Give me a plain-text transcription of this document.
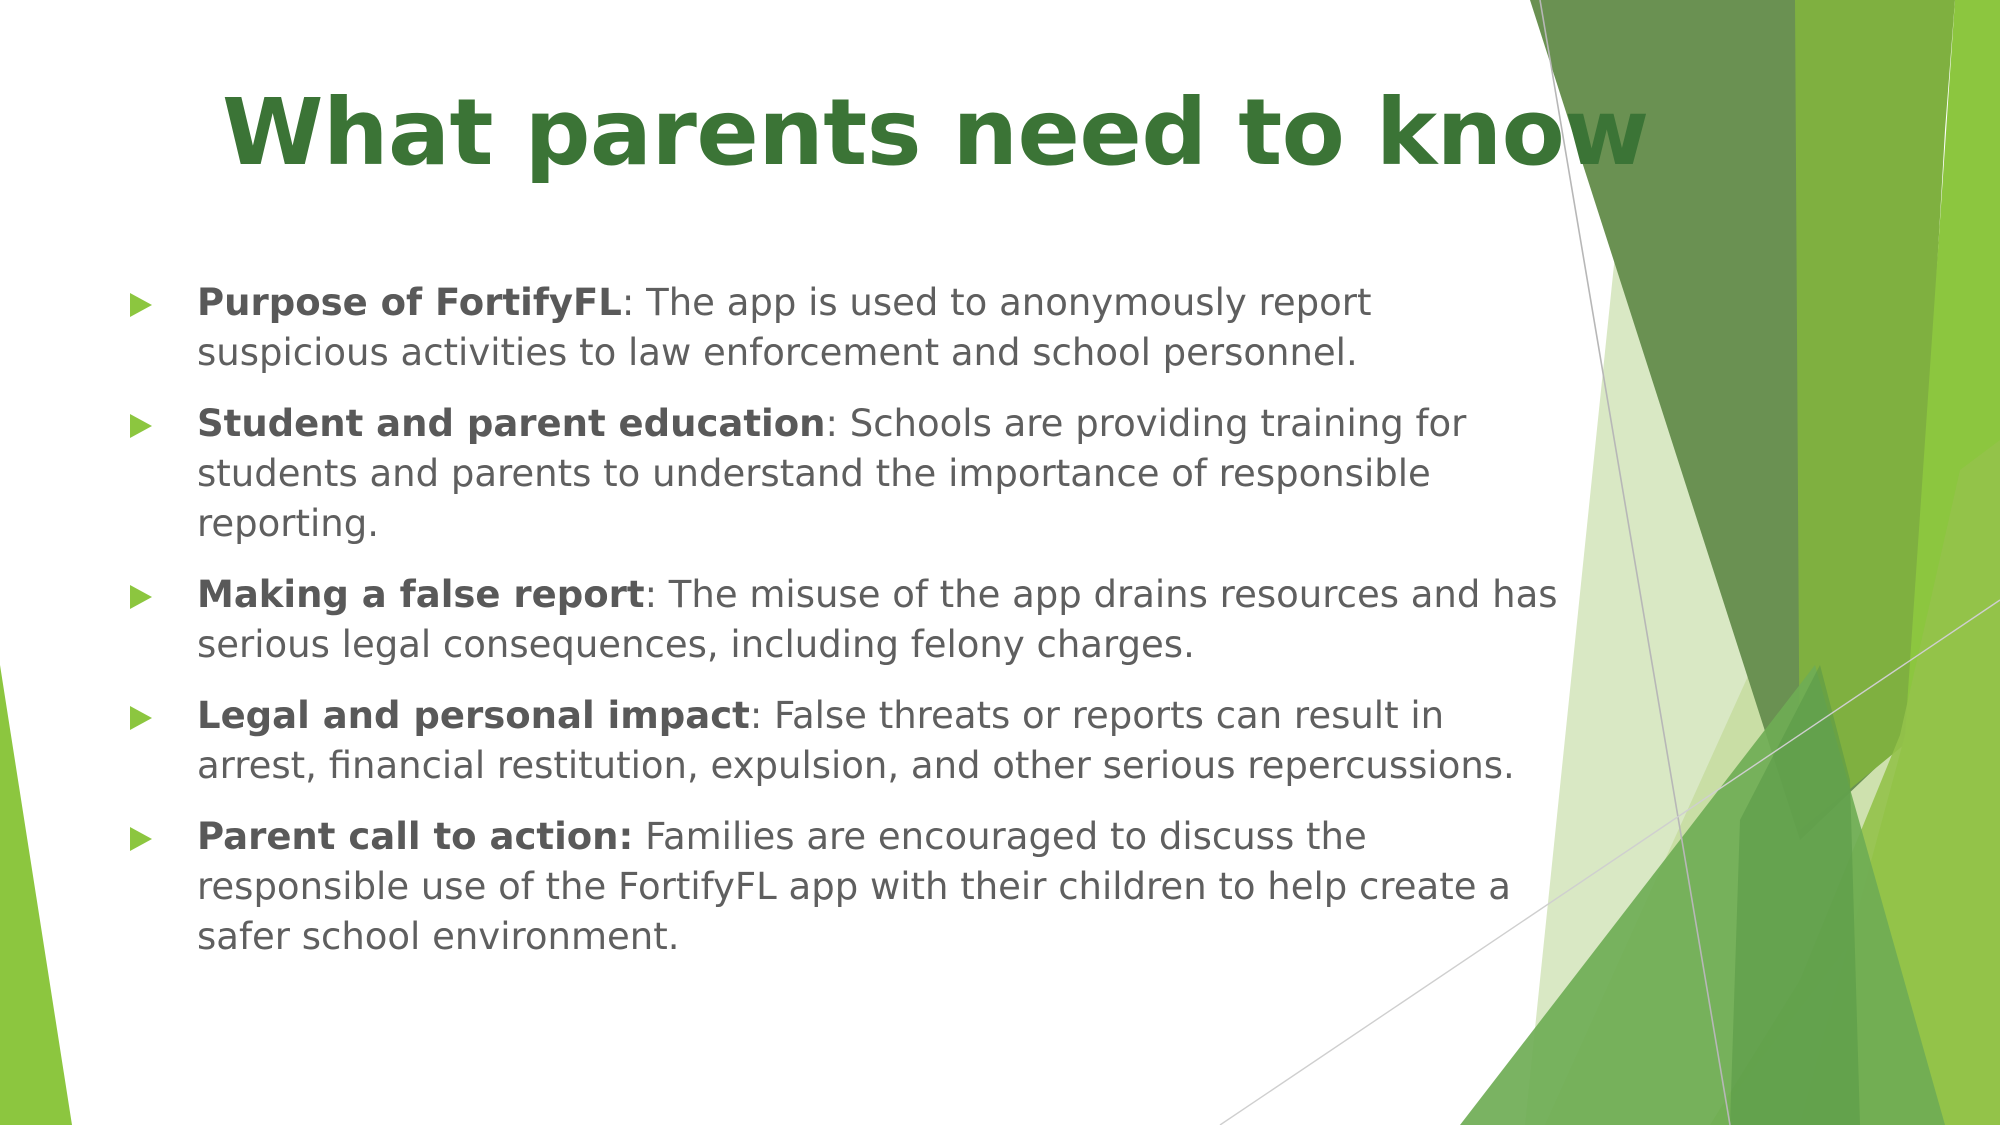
What parents need to know
Purpose of FortifyFL: The app is used to anonymously report suspicious activities to law enforcement and school personnel.
Student and parent education: Schools are providing training for students and parents to understand the importance of responsible reporting.
Making a false report: The misuse of the app drains resources and has serious legal consequences, including felony charges.
Legal and personal impact: False threats or reports can result in arrest, financial restitution, expulsion, and other serious repercussions.
Parent call to action: Families are encouraged to discuss the responsible use of the FortifyFL app with their children to help create a safer school environment.
